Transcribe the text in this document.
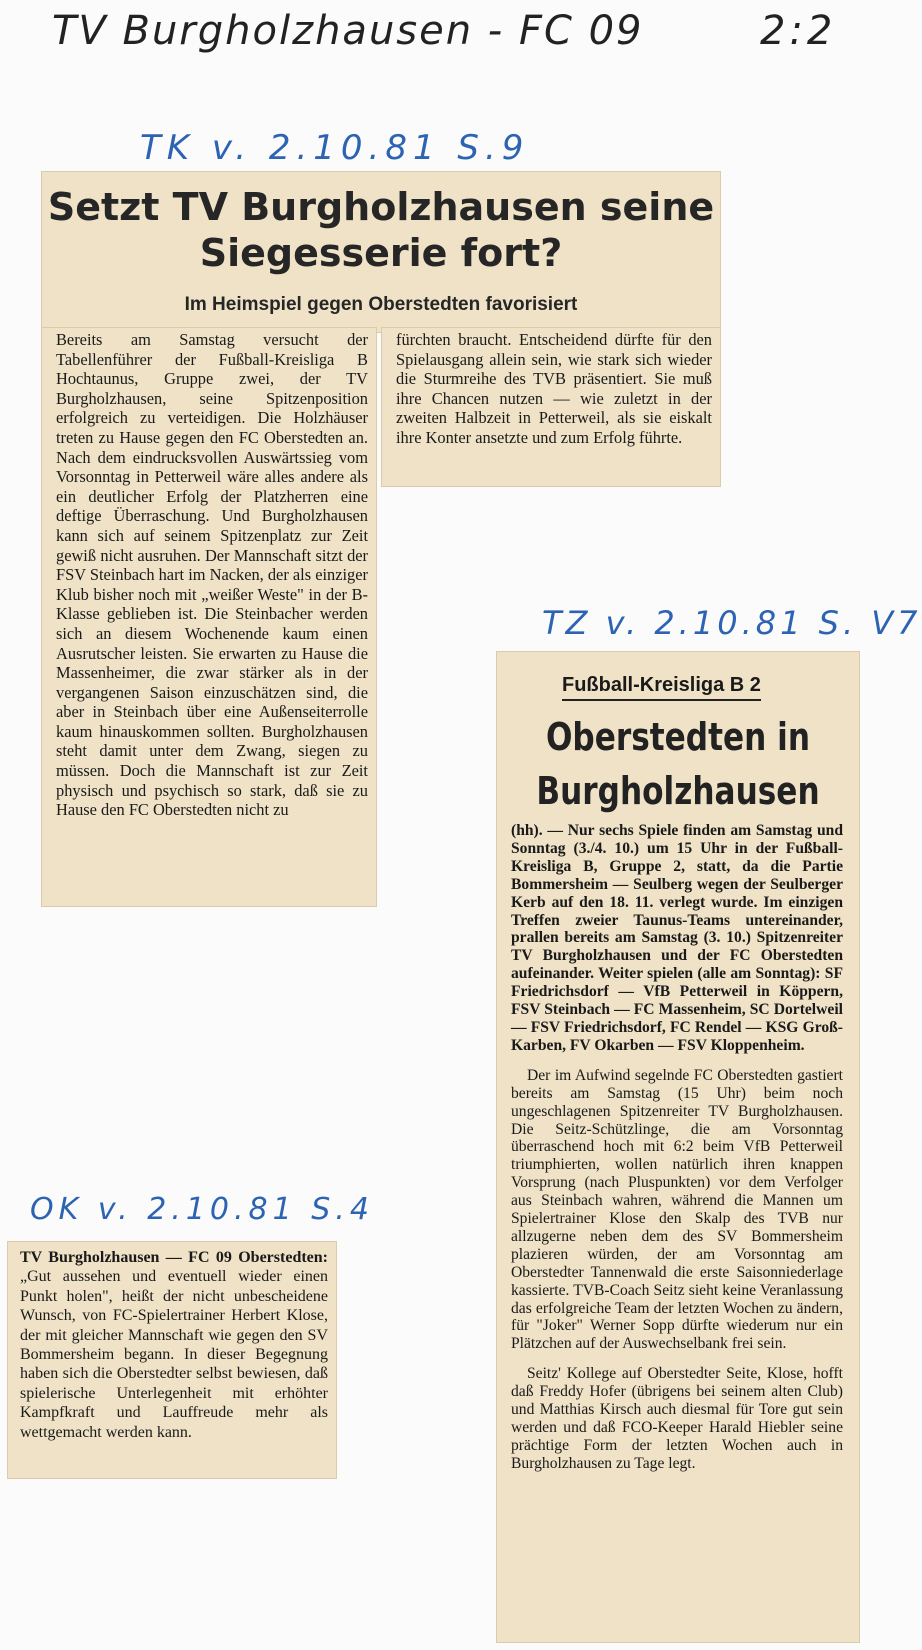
TV Burgholzhausen - FC 09	2:2
TK v. 2.10.81 S.9
Setzt TV Burgholzhausen seine Siegesserie fort?
Im Heimspiel gegen Oberstedten favorisiert

Bereits am Samstag versucht der Tabellenführer der Fußball-Kreisliga B Hochtaunus, Gruppe zwei, der TV Burgholzhausen, seine Spitzenposition erfolgreich zu verteidigen. Die Holzhäuser treten zu Hause gegen den FC Oberstedten an. Nach dem eindrucksvollen Auswärtssieg vom Vorsonntag in Petterweil wäre alles andere als ein deutlicher Erfolg der Platzherren eine deftige Überraschung. Und Burgholzhausen kann sich auf seinem Spitzenplatz zur Zeit gewiß nicht ausruhen. Der Mannschaft sitzt der FSV Steinbach hart im Nacken, der als einziger Klub bisher noch mit „weißer Weste" in der B-Klasse geblieben ist. Die Steinbacher werden sich an diesem Wochenende kaum einen Ausrutscher leisten. Sie erwarten zu Hause die Massenheimer, die zwar stärker als in der vergangenen Saison einzuschätzen sind, die aber in Steinbach über eine Außenseiterrolle kaum hinauskommen sollten. Burgholzhausen steht damit unter dem Zwang, siegen zu müssen. Doch die Mannschaft ist zur Zeit physisch und psychisch so stark, daß sie zu Hause den FC Oberstedten nicht zu

fürchten braucht. Entscheidend dürfte für den Spielausgang allein sein, wie stark sich wieder die Sturmreihe des TVB präsentiert. Sie muß ihre Chancen nutzen — wie zuletzt in der zweiten Halbzeit in Petterweil, als sie eiskalt ihre Konter ansetzte und zum Erfolg führte.

TZ v. 2.10.81 S. V7
Fußball-Kreisliga B 2
Oberstedten in Burgholzhausen

(hh). — Nur sechs Spiele finden am Samstag und Sonntag (3./4. 10.) um 15 Uhr in der Fußball-Kreisliga B, Gruppe 2, statt, da die Partie Bommersheim — Seulberg wegen der Seulberger Kerb auf den 18. 11. verlegt wurde. Im einzigen Treffen zweier Taunus-Teams untereinander, prallen bereits am Samstag (3. 10.) Spitzenreiter TV Burgholzhausen und der FC Oberstedten aufeinander. Weiter spielen (alle am Sonntag): SF Friedrichsdorf — VfB Petterweil in Köppern, FSV Steinbach — FC Massenheim, SC Dortelweil — FSV Friedrichsdorf, FC Rendel — KSG Groß-Karben, FV Okarben — FSV Kloppenheim.

Der im Aufwind segelnde FC Oberstedten gastiert bereits am Samstag (15 Uhr) beim noch ungeschlagenen Spitzenreiter TV Burgholzhausen. Die Seitz-Schützlinge, die am Vorsonntag überraschend hoch mit 6:2 beim VfB Petterweil triumphierten, wollen natürlich ihren knappen Vorsprung (nach Pluspunkten) vor dem Verfolger aus Steinbach wahren, während die Mannen um Spielertrainer Klose den Skalp des TVB nur allzugerne neben dem des SV Bommersheim plazieren würden, der am Vorsonntag am Oberstedter Tannenwald die erste Saisonniederlage kassierte. TVB-Coach Seitz sieht keine Veranlassung das erfolgreiche Team der letzten Wochen zu ändern, für "Joker" Werner Sopp dürfte wiederum nur ein Plätzchen auf der Auswechselbank frei sein.

Seitz' Kollege auf Oberstedter Seite, Klose, hofft daß Freddy Hofer (übrigens bei seinem alten Club) und Matthias Kirsch auch diesmal für Tore gut sein werden und daß FCO-Keeper Harald Hiebler seine prächtige Form der letzten Wochen auch in Burgholzhausen zu Tage legt.

OK v. 2.10.81 S.4

TV Burgholzhausen — FC 09 Oberstedten: „Gut aussehen und eventuell wieder einen Punkt holen", heißt der nicht unbescheidene Wunsch, von FC-Spielertrainer Herbert Klose, der mit gleicher Mannschaft wie gegen den SV Bommersheim begann. In dieser Begegnung haben sich die Oberstedter selbst bewiesen, daß spielerische Unterlegenheit mit erhöhter Kampfkraft und Lauffreude mehr als wettgemacht werden kann.
